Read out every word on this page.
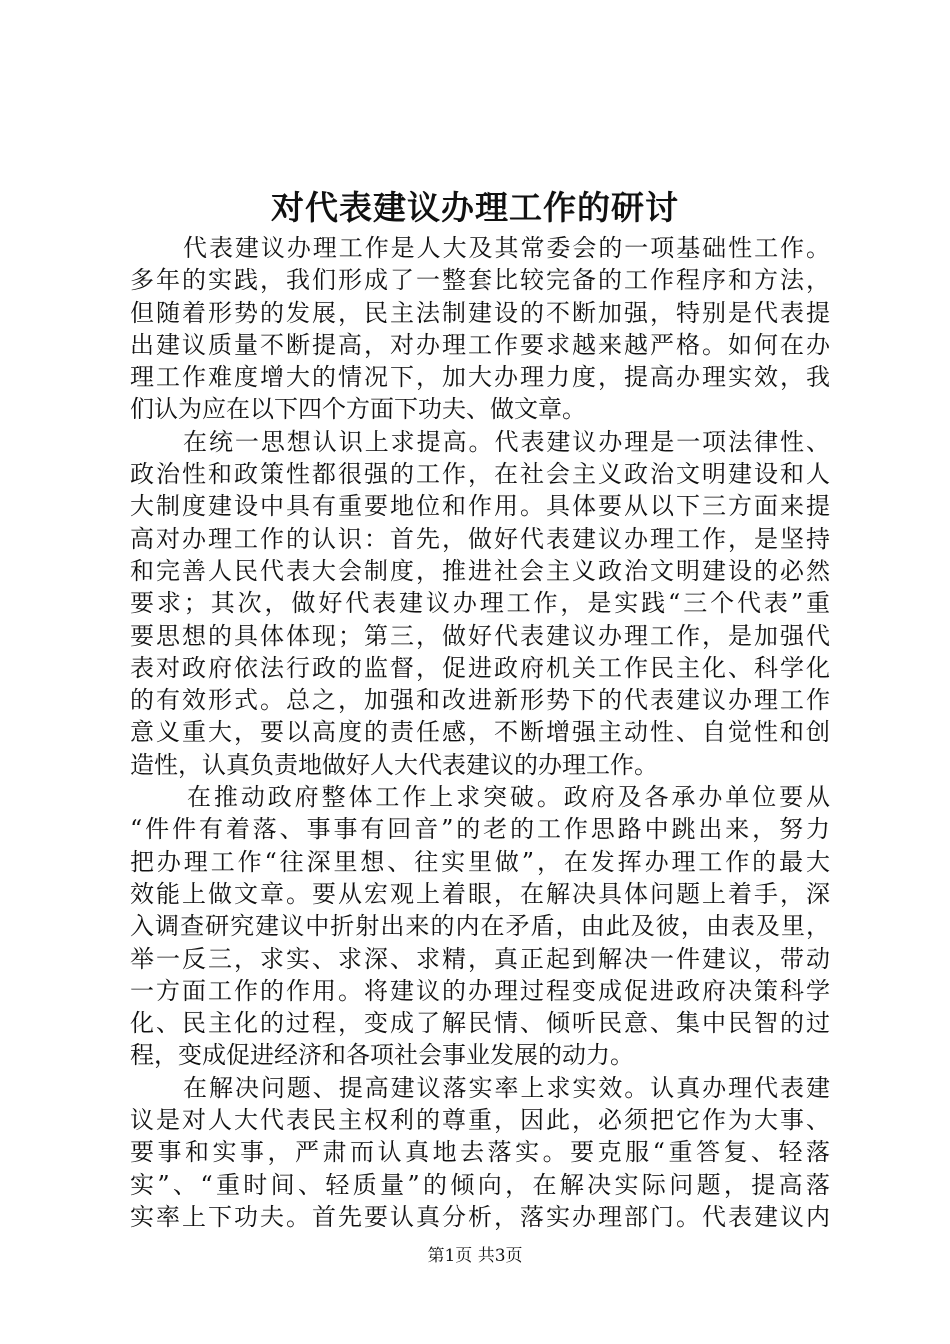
对代表建议办理工作的研讨
代表建议办理工作是人大及其常委会的一项基础性工作。
多年的实践，我们形成了一整套比较完备的工作程序和方法，
但随着形势的发展，民主法制建设的不断加强，特别是代表提
出建议质量不断提高，对办理工作要求越来越严格。如何在办
理工作难度增大的情况下，加大办理力度，提高办理实效，我
们认为应在以下四个方面下功夫、做文章。
在统一思想认识上求提高。代表建议办理是一项法律性、
政治性和政策性都很强的工作，在社会主义政治文明建设和人
大制度建设中具有重要地位和作用。具体要从以下三方面来提
高对办理工作的认识：首先，做好代表建议办理工作，是坚持
和完善人民代表大会制度，推进社会主义政治文明建设的必然
要求；其次，做好代表建议办理工作，是实践“三个代表”重
要思想的具体体现；第三，做好代表建议办理工作，是加强代
表对政府依法行政的监督，促进政府机关工作民主化、科学化
的有效形式。总之，加强和改进新形势下的代表建议办理工作
意义重大，要以高度的责任感，不断增强主动性、自觉性和创
造性，认真负责地做好人大代表建议的办理工作。
在推动政府整体工作上求突破。政府及各承办单位要从
“件件有着落、事事有回音”的老的工作思路中跳出来，努力
把办理工作“往深里想、往实里做”，在发挥办理工作的最大
效能上做文章。要从宏观上着眼，在解决具体问题上着手，深
入调查研究建议中折射出来的内在矛盾，由此及彼，由表及里，
举一反三，求实、求深、求精，真正起到解决一件建议，带动
一方面工作的作用。将建议的办理过程变成促进政府决策科学
化、民主化的过程，变成了解民情、倾听民意、集中民智的过
程，变成促进经济和各项社会事业发展的动力。
在解决问题、提高建议落实率上求实效。认真办理代表建
议是对人大代表民主权利的尊重，因此，必须把它作为大事、
要事和实事，严肃而认真地去落实。要克服“重答复、轻落
实”、“重时间、轻质量”的倾向，在解决实际问题，提高落
实率上下功夫。首先要认真分析，落实办理部门。代表建议内
第1页 共3页
